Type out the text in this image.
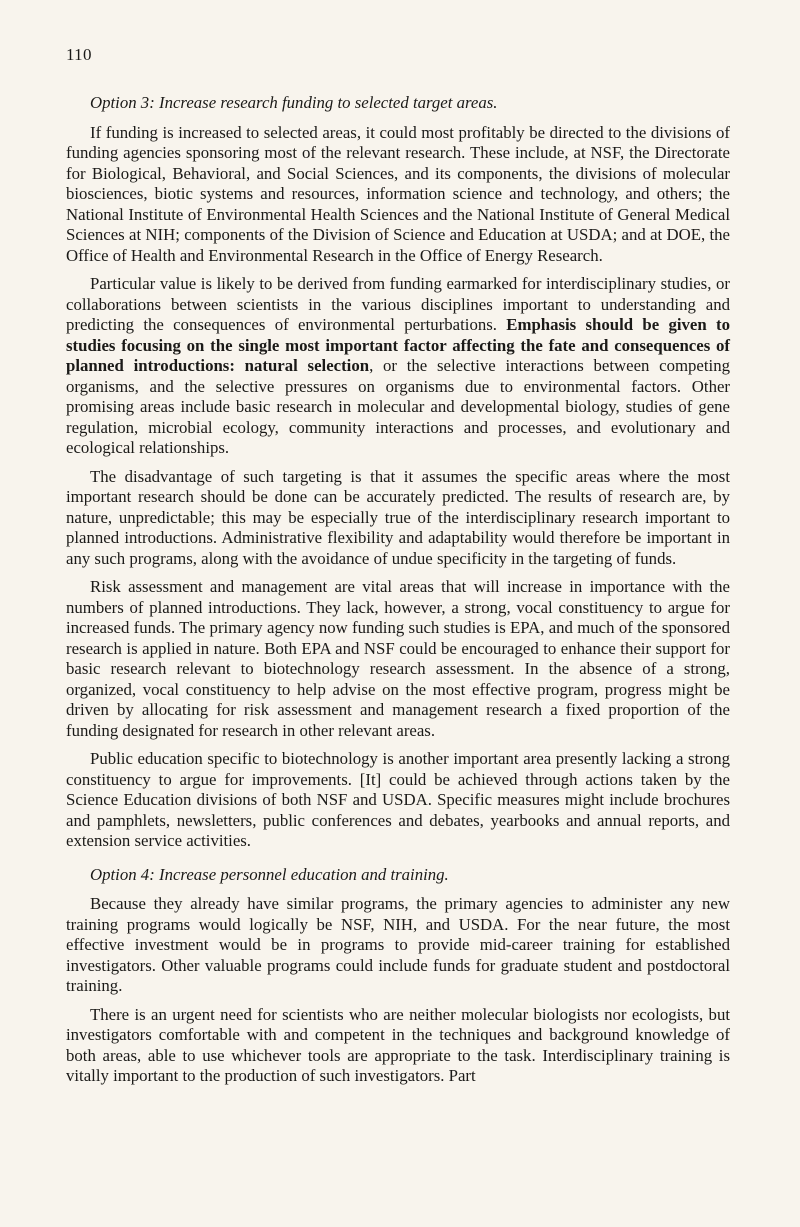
110
Option 3: Increase research funding to selected target areas.

If funding is increased to selected areas, it could most profitably be directed to the divisions of funding agencies sponsoring most of the relevant research. These include, at NSF, the Directorate for Biological, Behavioral, and Social Sciences, and its components, the divisions of molecular biosciences, biotic systems and resources, information science and technology, and others; the National Institute of Environmental Health Sciences and the National Institute of General Medical Sciences at NIH; components of the Division of Science and Education at USDA; and at DOE, the Office of Health and Environmental Research in the Office of Energy Research.

Particular value is likely to be derived from funding earmarked for interdisciplinary studies, or collaborations between scientists in the various disciplines important to understanding and predicting the consequences of environmental perturbations. Emphasis should be given to studies focusing on the single most important factor affecting the fate and consequences of planned introductions: natural selection, or the selective interactions between competing organisms, and the selective pressures on organisms due to environmental factors. Other promising areas include basic research in molecular and developmental biology, studies of gene regulation, microbial ecology, community interactions and processes, and evolutionary and ecological relationships.

The disadvantage of such targeting is that it assumes the specific areas where the most important research should be done can be accurately predicted. The results of research are, by nature, unpredictable; this may be especially true of the interdisciplinary research important to planned introductions. Administrative flexibility and adaptability would therefore be important in any such programs, along with the avoidance of undue specificity in the targeting of funds.

Risk assessment and management are vital areas that will increase in importance with the numbers of planned introductions. They lack, however, a strong, vocal constituency to argue for increased funds. The primary agency now funding such studies is EPA, and much of the sponsored research is applied in nature. Both EPA and NSF could be encouraged to enhance their support for basic research relevant to biotechnology research assessment. In the absence of a strong, organized, vocal constituency to help advise on the most effective program, progress might be driven by allocating for risk assessment and management research a fixed proportion of the funding designated for research in other relevant areas.

Public education specific to biotechnology is another important area presently lacking a strong constituency to argue for improvements. [It] could be achieved through actions taken by the Science Education divisions of both NSF and USDA. Specific measures might include brochures and pamphlets, newsletters, public conferences and debates, yearbooks and annual reports, and extension service activities.

Option 4: Increase personnel education and training.

Because they already have similar programs, the primary agencies to administer any new training programs would logically be NSF, NIH, and USDA. For the near future, the most effective investment would be in programs to provide mid-career training for established investigators. Other valuable programs could include funds for graduate student and postdoctoral training.

There is an urgent need for scientists who are neither molecular biologists nor ecologists, but investigators comfortable with and competent in the techniques and background knowledge of both areas, able to use whichever tools are appropriate to the task. Interdisciplinary training is vitally important to the production of such investigators. Part
